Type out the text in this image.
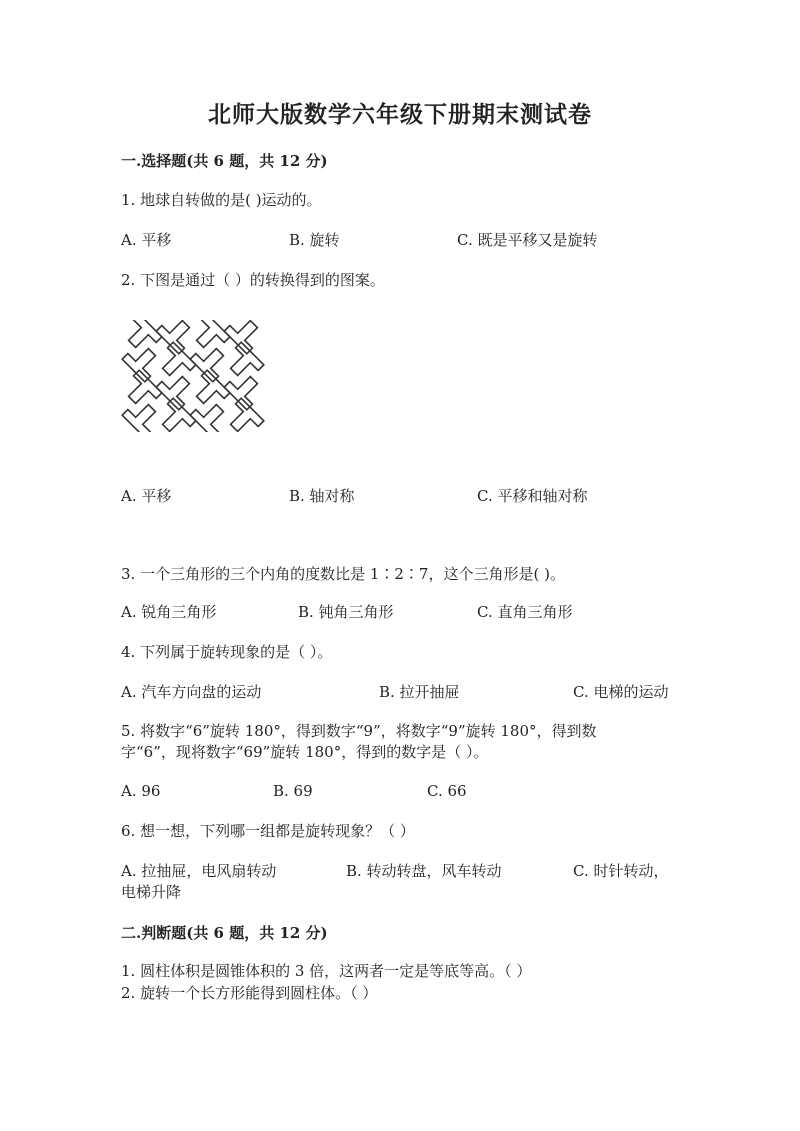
北师大版数学六年级下册期末测试卷
一.选择题(共 6 题，共 12 分)
1. 地球自转做的是( )运动的。
A. 平移	B. 旋转	C. 既是平移又是旋转
2. 下图是通过（ ）的转换得到的图案。
A. 平移	B. 轴对称	C. 平移和轴对称
3. 一个三角形的三个内角的度数比是 1∶2∶7，这个三角形是( )。
A. 锐角三角形	B. 钝角三角形	C. 直角三角形
4. 下列属于旋转现象的是（ ）。
A. 汽车方向盘的运动	B. 拉开抽屉	C. 电梯的运动
5. 将数字“6”旋转 180°，得到数字“9”，将数字“9”旋转 180°，得到数
字“6”，现将数字“69”旋转 180°，得到的数字是（ ）。
A. 96	B. 69	C. 66
6. 想一想，下列哪一组都是旋转现象？（ ）
A. 拉抽屉，电风扇转动	B. 转动转盘，风车转动	C. 时针转动，
电梯升降
二.判断题(共 6 题，共 12 分)
1. 圆柱体积是圆锥体积的 3 倍，这两者一定是等底等高。（ ）
2. 旋转一个长方形能得到圆柱体。（ ）
